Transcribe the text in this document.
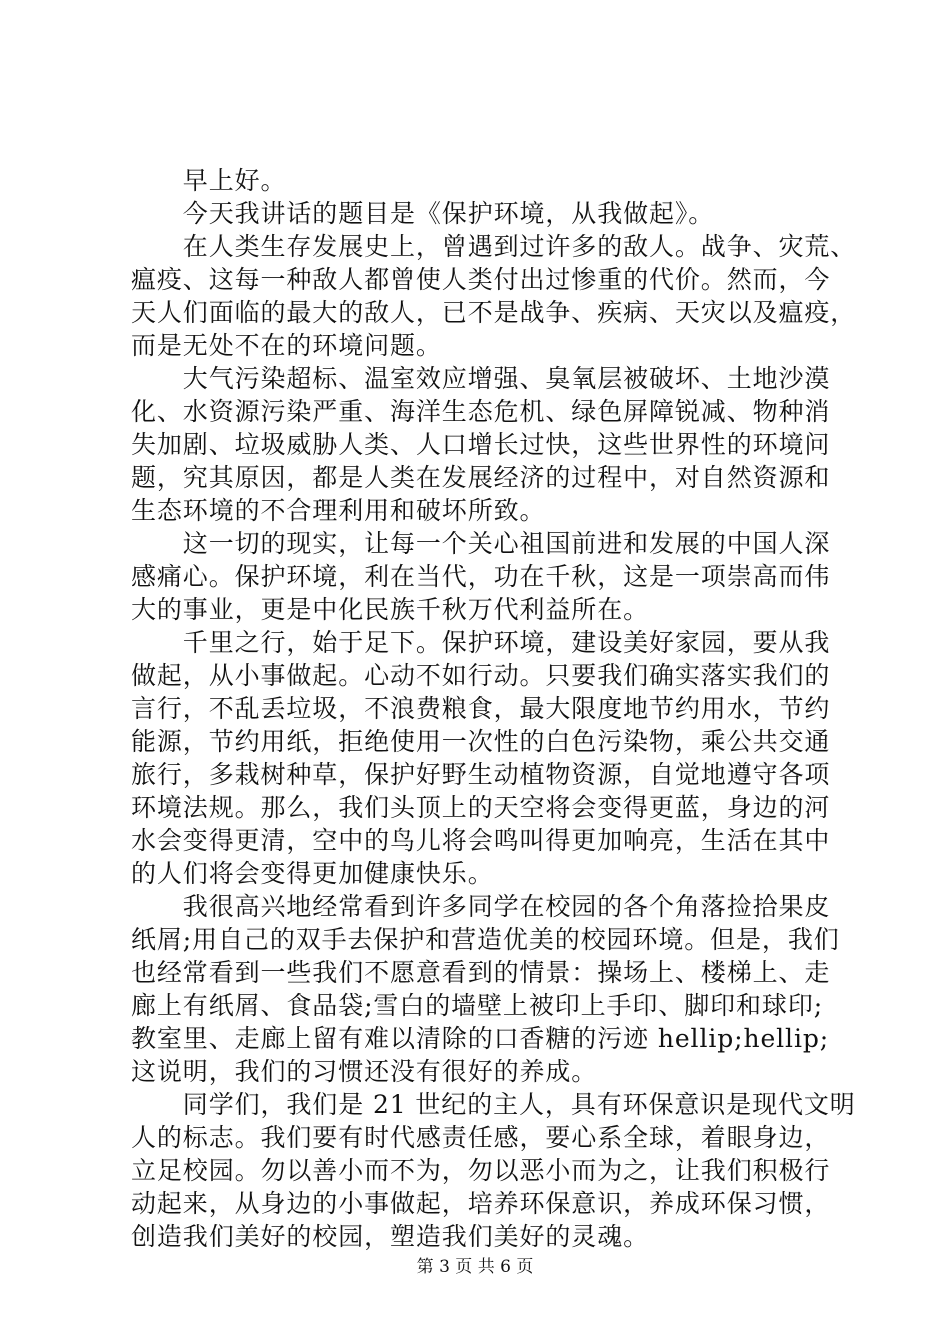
　　早上好。
　　今天我讲话的题目是《保护环境，从我做起》。
　　在人类生存发展史上，曾遇到过许多的敌人。战争、灾荒、
瘟疫、这每一种敌人都曾使人类付出过惨重的代价。然而，今
天人们面临的最大的敌人，已不是战争、疾病、天灾以及瘟疫，
而是无处不在的环境问题。
　　大气污染超标、温室效应增强、臭氧层被破坏、土地沙漠
化、水资源污染严重、海洋生态危机、绿色屏障锐减、物种消
失加剧、垃圾威胁人类、人口增长过快，这些世界性的环境问
题，究其原因，都是人类在发展经济的过程中，对自然资源和
生态环境的不合理利用和破坏所致。
　　这一切的现实，让每一个关心祖国前进和发展的中国人深
感痛心。保护环境，利在当代，功在千秋，这是一项崇高而伟
大的事业，更是中化民族千秋万代利益所在。
　　千里之行，始于足下。保护环境，建设美好家园，要从我
做起，从小事做起。心动不如行动。只要我们确实落实我们的
言行，不乱丢垃圾，不浪费粮食，最大限度地节约用水，节约
能源，节约用纸，拒绝使用一次性的白色污染物，乘公共交通
旅行，多栽树种草，保护好野生动植物资源，自觉地遵守各项
环境法规。那么，我们头顶上的天空将会变得更蓝，身边的河
水会变得更清，空中的鸟儿将会鸣叫得更加响亮，生活在其中
的人们将会变得更加健康快乐。
　　我很高兴地经常看到许多同学在校园的各个角落捡拾果皮
纸屑;用自己的双手去保护和营造优美的校园环境。但是，我们
也经常看到一些我们不愿意看到的情景：操场上、楼梯上、走
廊上有纸屑、食品袋;雪白的墙壁上被印上手印、脚印和球印;
教室里、走廊上留有难以清除的口香糖的污迹 hellip;hellip;
这说明，我们的习惯还没有很好的养成。
　　同学们，我们是 21 世纪的主人，具有环保意识是现代文明
人的标志。我们要有时代感责任感，要心系全球，着眼身边，
立足校园。勿以善小而不为，勿以恶小而为之，让我们积极行
动起来，从身边的小事做起，培养环保意识，养成环保习惯，
创造我们美好的校园，塑造我们美好的灵魂。
第 3 页 共 6 页
